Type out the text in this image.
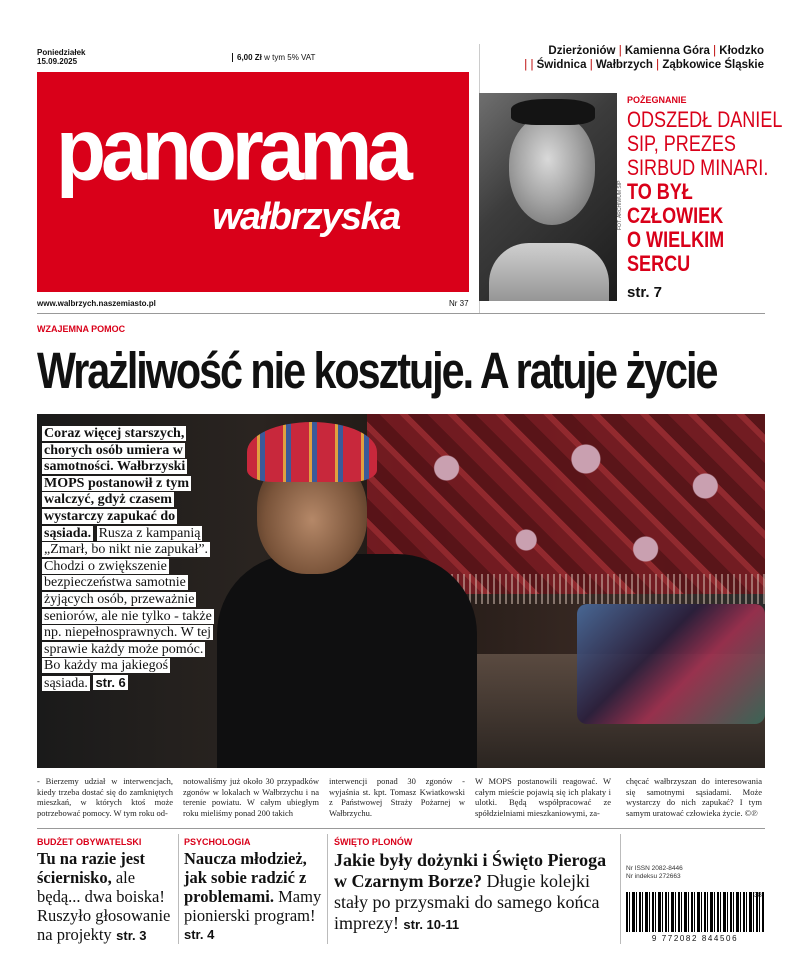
Poniedziałek
15.09.2025	6,00 Zł w tym 5% VAT
Dzierżoniów | Kamienna Góra | Kłodzko
| | Świdnica | Wałbrzych | Ząbkowice Śląskie
panorama
wałbrzyska
www.walbrzych.naszemiasto.pl	Nr 37
FOT. ARCHIWUM SIP
POŻEGNANIE
ODSZEDŁ DANIEL
SIP, PREZES
SIRBUD MINARI.
TO BYŁ
CZŁOWIEK
O WIELKIM
SERCU
str. 7
WZAJEMNA POMOC
Wrażliwość nie kosztuje. A ratuje życie

Coraz więcej starszych, chorych osób umiera w samotności. Wałbrzyski MOPS postanowił z tym walczyć, gdyż czasem wystarczy zapukać do sąsiada. Rusza z kampanią „Zmarł, bo nikt nie zapukał”. Chodzi o zwiększenie bezpieczeństwa samotnie żyjących osób, przeważnie seniorów, ale nie tylko - także np. niepełnosprawnych. W tej sprawie każdy może pomóc. Bo każdy ma jakiegoś sąsiada. str. 6

- Bierzemy udział w interwencjach, kiedy trzeba dostać się do zamkniętych mieszkań, w których ktoś może potrzebować pomocy. W tym roku od-
notowaliśmy już około 30 przypadków zgonów w lokalach w Wałbrzychu i na terenie powiatu. W całym ubiegłym roku mieliśmy ponad 200 takich
interwencji ponad 30 zgonów - wyjaśnia st. kpt. Tomasz Kwiatkowski z Państwowej Straży Pożarnej w Wałbrzychu.
W MOPS postanowili reagować. W całym mieście pojawią się ich plakaty i ulotki. Będą współpracować ze spółdzielniami mieszkaniowymi, za-
chęcać wałbrzyszan do interesowania się samotnymi sąsiadami. Może wystarczy do nich zapukać? I tym samym uratować człowieka życie. ©℗
BUDŻET OBYWATELSKI

Tu na razie jest ściernisko, ale będą... dwa boiska! Ruszyło głosowanie na projekty str. 3

PSYCHOLOGIA

Naucza młodzież, jak sobie radzić z problemami. Mamy pionierski program! str. 4

ŚWIĘTO PLONÓW

Jakie były dożynki i Święto Pieroga w Czarnym Borze? Długie kolejki stały po przysmaki do samego końca imprezy! str. 10-11

Nr ISSN 2082-8446
Nr indeksu 272663
38
9 772082 844506
